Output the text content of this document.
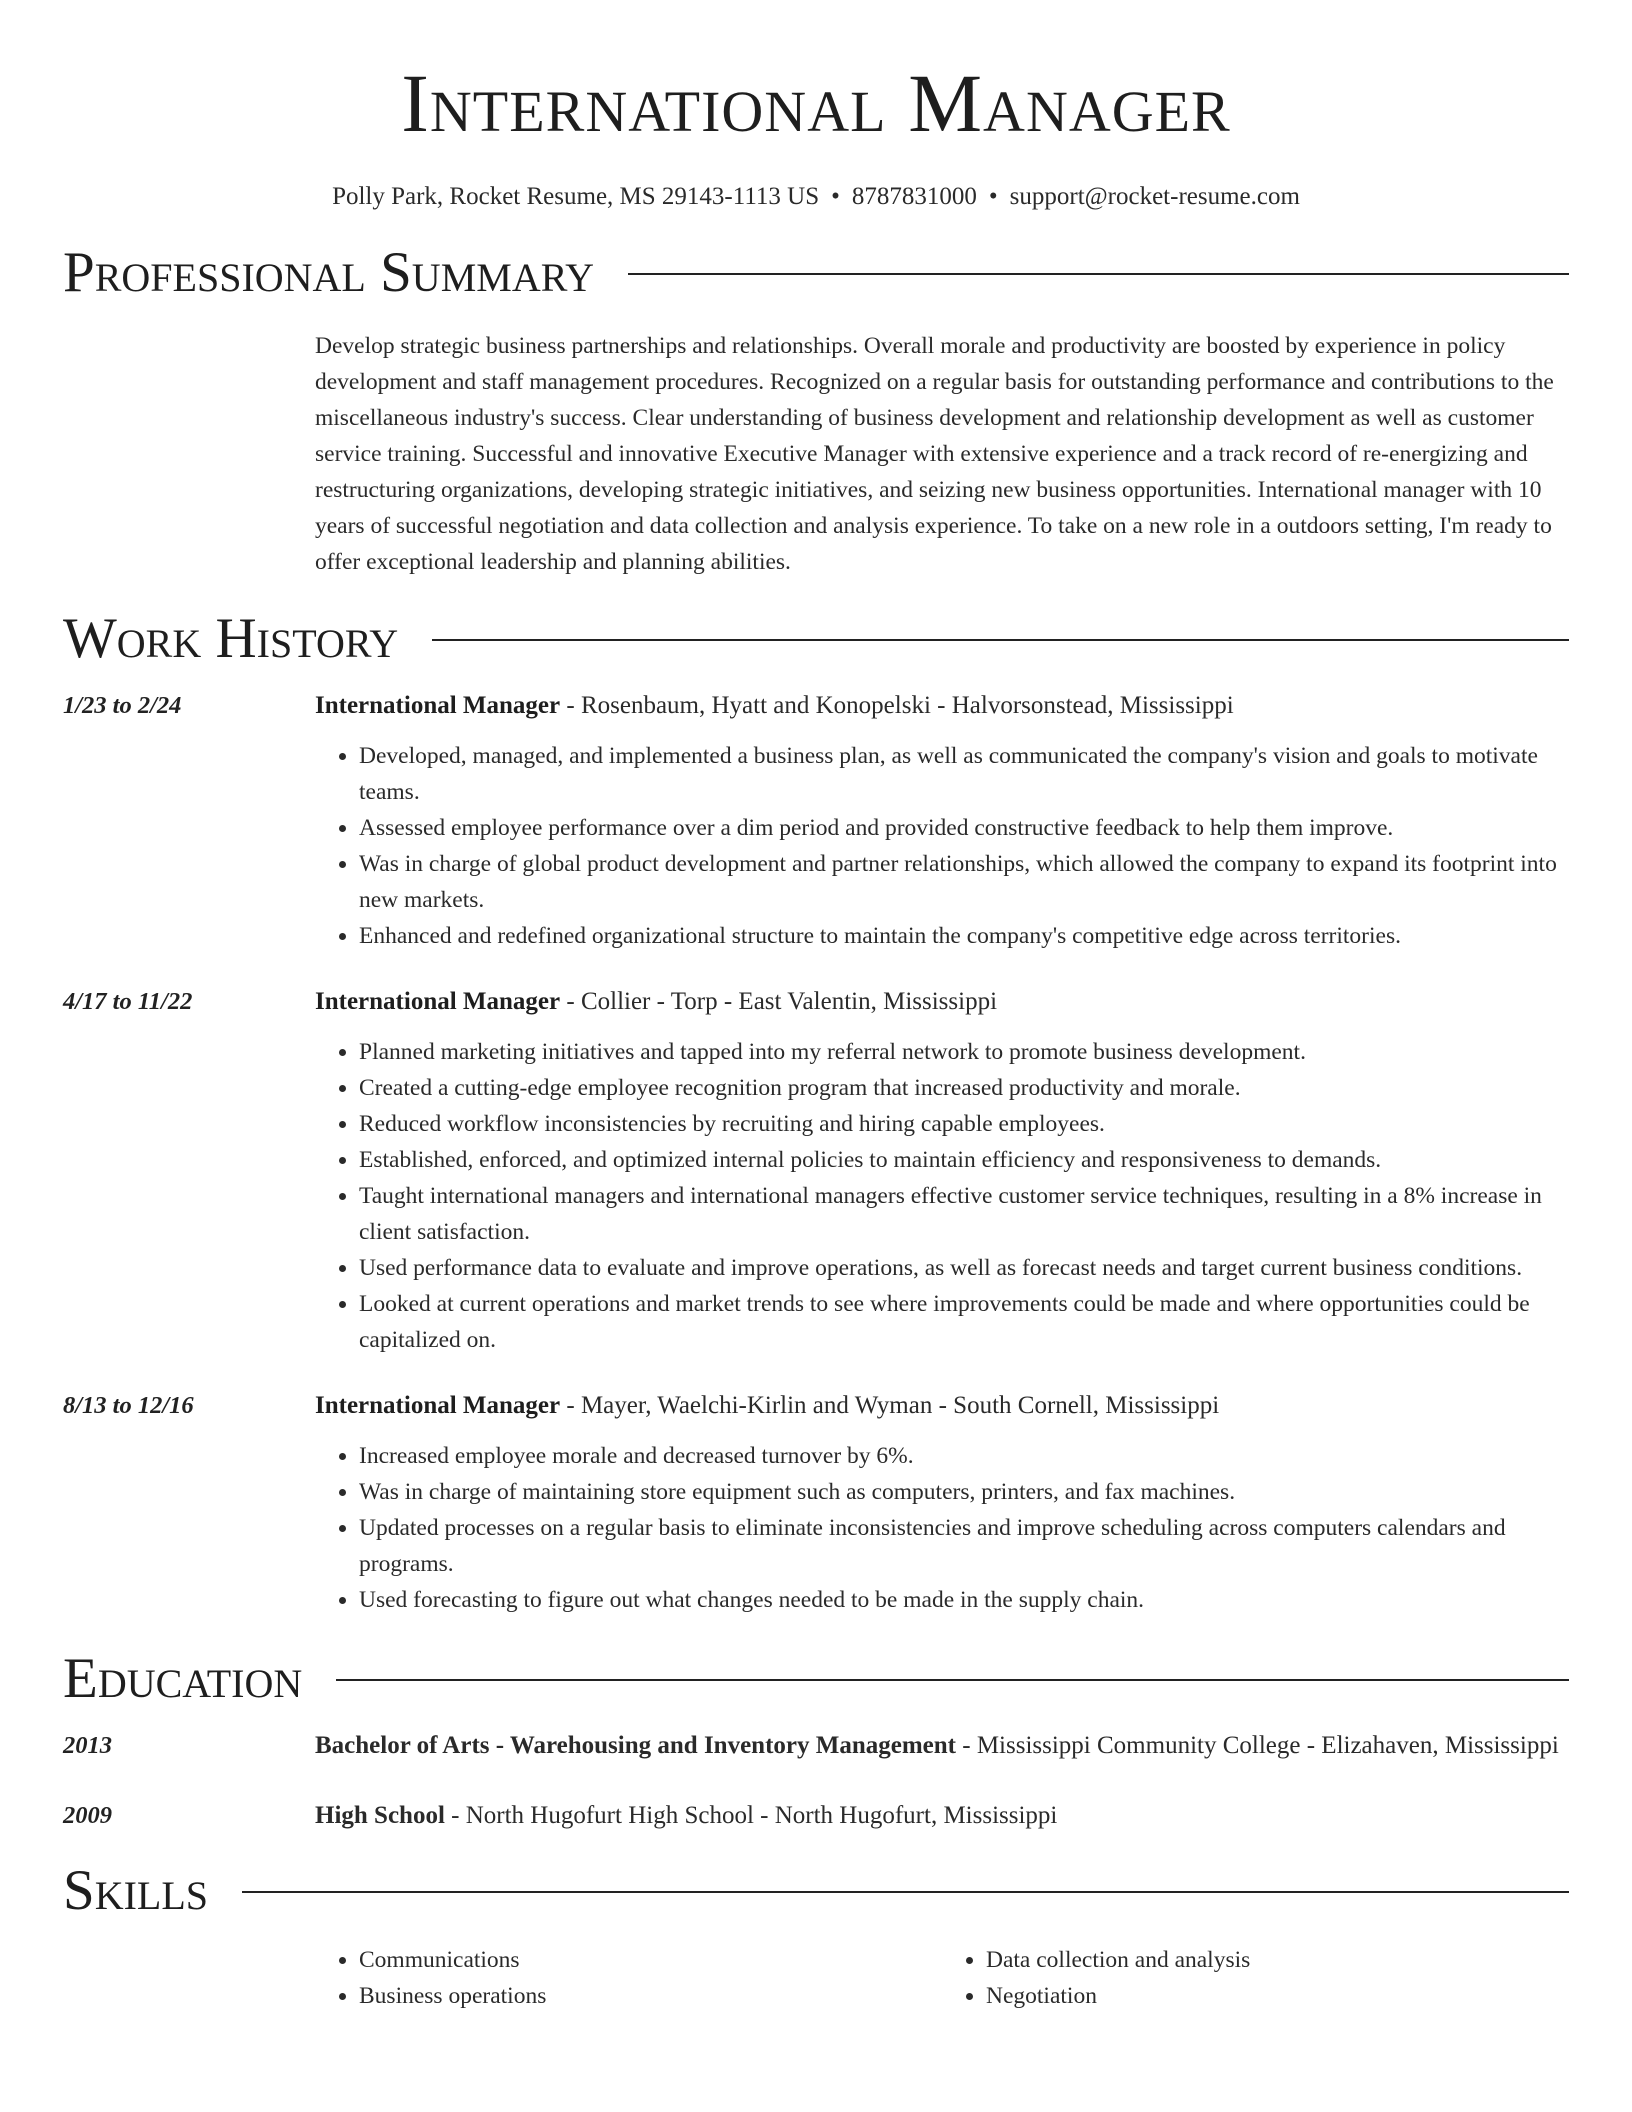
International Manager
Polly Park, Rocket Resume, MS 29143-1113 US • 8787831000 • support@rocket-resume.com
Professional Summary
Develop strategic business partnerships and relationships. Overall morale and productivity are boosted by experience in policy development and staff management procedures. Recognized on a regular basis for outstanding performance and contributions to the miscellaneous industry's success. Clear understanding of business development and relationship development as well as customer service training. Successful and innovative Executive Manager with extensive experience and a track record of re-energizing and restructuring organizations, developing strategic initiatives, and seizing new business opportunities. International manager with 10 years of successful negotiation and data collection and analysis experience. To take on a new role in a outdoors setting, I'm ready to offer exceptional leadership and planning abilities.
Work History
1/23 to 2/24	International Manager - Rosenbaum, Hyatt and Konopelski - Halvorsonstead, Mississippi
• Developed, managed, and implemented a business plan, as well as communicated the company's vision and goals to motivate teams.
• Assessed employee performance over a dim period and provided constructive feedback to help them improve.
• Was in charge of global product development and partner relationships, which allowed the company to expand its footprint into new markets.
• Enhanced and redefined organizational structure to maintain the company's competitive edge across territories.
4/17 to 11/22	International Manager - Collier - Torp - East Valentin, Mississippi
• Planned marketing initiatives and tapped into my referral network to promote business development.
• Created a cutting-edge employee recognition program that increased productivity and morale.
• Reduced workflow inconsistencies by recruiting and hiring capable employees.
• Established, enforced, and optimized internal policies to maintain efficiency and responsiveness to demands.
• Taught international managers and international managers effective customer service techniques, resulting in a 8% increase in client satisfaction.
• Used performance data to evaluate and improve operations, as well as forecast needs and target current business conditions.
• Looked at current operations and market trends to see where improvements could be made and where opportunities could be capitalized on.
8/13 to 12/16	International Manager - Mayer, Waelchi-Kirlin and Wyman - South Cornell, Mississippi
• Increased employee morale and decreased turnover by 6%.
• Was in charge of maintaining store equipment such as computers, printers, and fax machines.
• Updated processes on a regular basis to eliminate inconsistencies and improve scheduling across computers calendars and programs.
• Used forecasting to figure out what changes needed to be made in the supply chain.
Education
2013	Bachelor of Arts - Warehousing and Inventory Management - Mississippi Community College - Elizahaven, Mississippi
2009	High School - North Hugofurt High School - North Hugofurt, Mississippi
Skills
• Communications
• Business operations
• Data collection and analysis
• Negotiation
